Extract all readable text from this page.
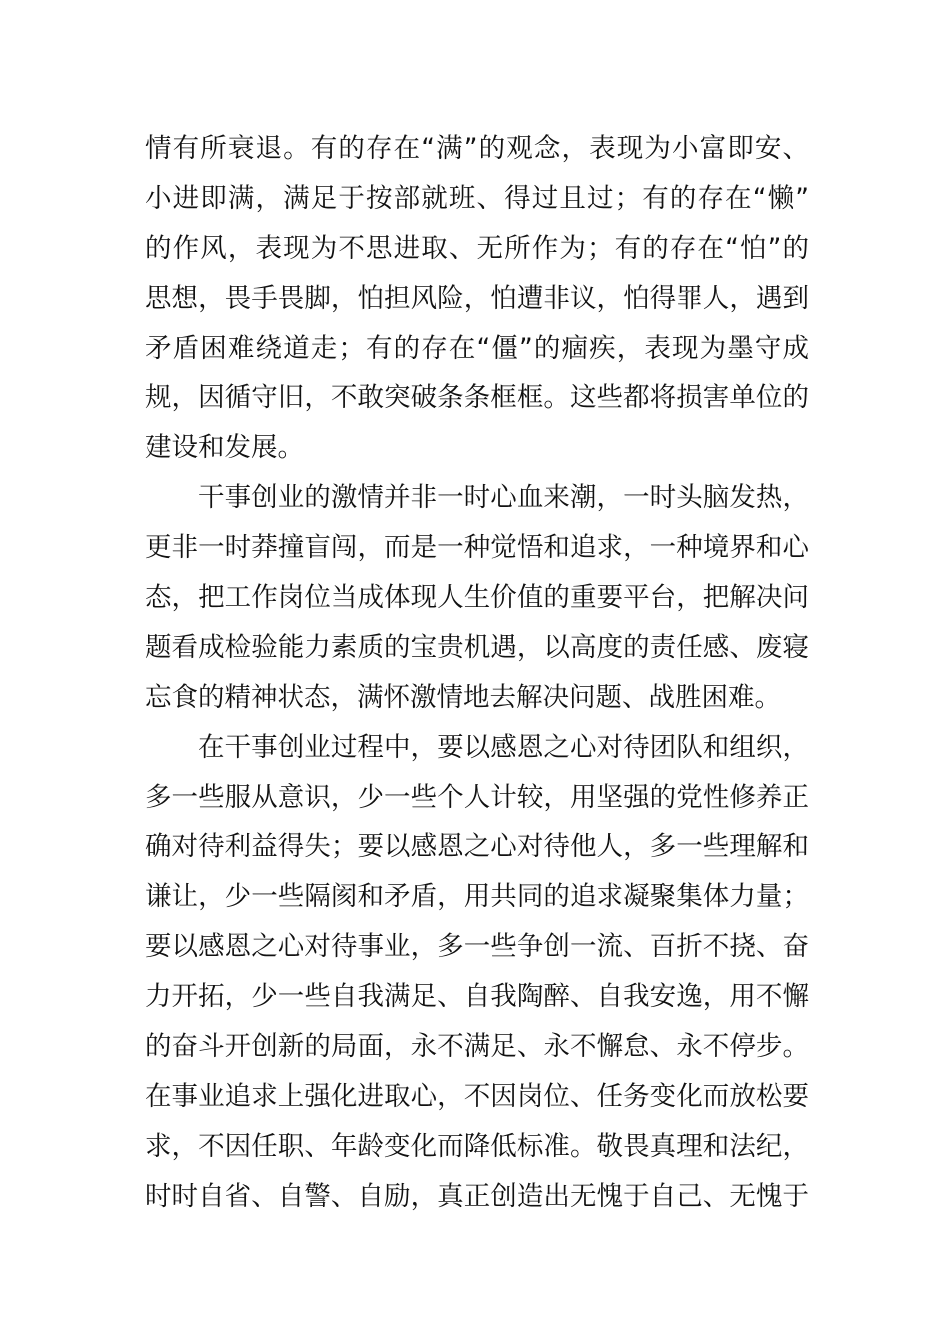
情有所衰退。有的存在“满”的观念，表现为小富即安、
小进即满，满足于按部就班、得过且过；有的存在“懒”
的作风，表现为不思进取、无所作为；有的存在“怕”的
思想，畏手畏脚，怕担风险，怕遭非议，怕得罪人，遇到
矛盾困难绕道走；有的存在“僵”的痼疾，表现为墨守成
规，因循守旧，不敢突破条条框框。这些都将损害单位的
建设和发展。
干事创业的激情并非一时心血来潮，一时头脑发热，
更非一时莽撞盲闯，而是一种觉悟和追求，一种境界和心
态，把工作岗位当成体现人生价值的重要平台，把解决问
题看成检验能力素质的宝贵机遇，以高度的责任感、废寝
忘食的精神状态，满怀激情地去解决问题、战胜困难。
在干事创业过程中，要以感恩之心对待团队和组织，
多一些服从意识，少一些个人计较，用坚强的党性修养正
确对待利益得失；要以感恩之心对待他人，多一些理解和
谦让，少一些隔阂和矛盾，用共同的追求凝聚集体力量；
要以感恩之心对待事业，多一些争创一流、百折不挠、奋
力开拓，少一些自我满足、自我陶醉、自我安逸，用不懈
的奋斗开创新的局面，永不满足、永不懈怠、永不停步。
在事业追求上强化进取心，不因岗位、任务变化而放松要
求，不因任职、年龄变化而降低标准。敬畏真理和法纪，
时时自省、自警、自励，真正创造出无愧于自己、无愧于
